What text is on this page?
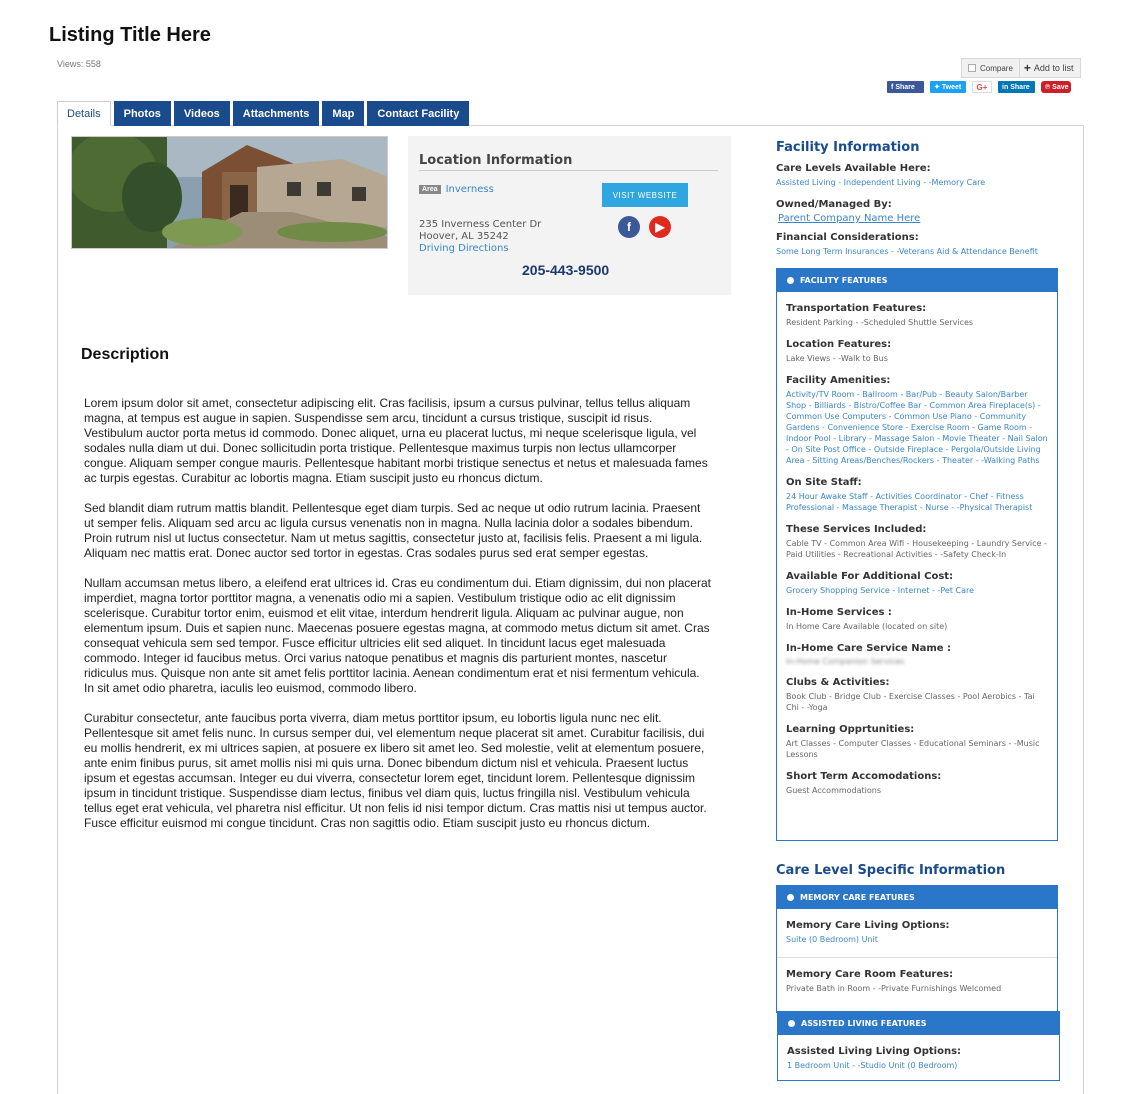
Listing Title Here
Views: 558	Compare + Add to list
f Share	✦ Tweet G+ in Share ℗ Save
Details	Photos	Videos	Attachments	Map	Contact Facility
Location Information
Area Inverness
235 Inverness Center Dr
Hoover, AL 35242
Driving Directions
VISIT WEBSITE
f	▶
205-443-9500
Description

Lorem ipsum dolor sit amet, consectetur adipiscing elit. Cras facilisis, ipsum a cursus pulvinar, tellus tellus aliquam magna, at tempus est augue in sapien. Suspendisse sem arcu, tincidunt a cursus tristique, suscipit id risus. Vestibulum auctor porta metus id commodo. Donec aliquet, urna eu placerat luctus, mi neque scelerisque ligula, vel sodales nulla diam ut dui. Donec sollicitudin porta tristique. Pellentesque maximus turpis non lectus ullamcorper congue. Aliquam semper congue mauris. Pellentesque habitant morbi tristique senectus et netus et malesuada fames ac turpis egestas. Curabitur ac lobortis magna. Etiam suscipit justo eu rhoncus dictum.

Sed blandit diam rutrum mattis blandit. Pellentesque eget diam turpis. Sed ac neque ut odio rutrum lacinia. Praesent ut semper felis. Aliquam sed arcu ac ligula cursus venenatis non in magna. Nulla lacinia dolor a sodales bibendum. Proin rutrum nisl ut luctus consectetur. Nam ut metus sagittis, consectetur justo at, facilisis felis. Praesent a mi ligula. Aliquam nec mattis erat. Donec auctor sed tortor in egestas. Cras sodales purus sed erat semper egestas.

Nullam accumsan metus libero, a eleifend erat ultrices id. Cras eu condimentum dui. Etiam dignissim, dui non placerat imperdiet, magna tortor porttitor magna, a venenatis odio mi a sapien. Vestibulum tristique odio ac elit dignissim scelerisque. Curabitur tortor enim, euismod et elit vitae, interdum hendrerit ligula. Aliquam ac pulvinar augue, non elementum ipsum. Duis et sapien nunc. Maecenas posuere egestas magna, at commodo metus dictum sit amet. Cras consequat vehicula sem sed tempor. Fusce efficitur ultricies elit sed aliquet. In tincidunt lacus eget malesuada commodo. Integer id faucibus metus. Orci varius natoque penatibus et magnis dis parturient montes, nascetur ridiculus mus. Quisque non ante sit amet felis porttitor lacinia. Aenean condimentum erat et nisi fermentum vehicula. In sit amet odio pharetra, iaculis leo euismod, commodo libero.

Curabitur consectetur, ante faucibus porta viverra, diam metus porttitor ipsum, eu lobortis ligula nunc nec elit. Pellentesque sit amet felis nunc. In cursus semper dui, vel elementum neque placerat sit amet. Curabitur facilisis, dui eu mollis hendrerit, ex mi ultrices sapien, at posuere ex libero sit amet leo. Sed molestie, velit at elementum posuere, ante enim finibus purus, sit amet mollis nisi mi quis urna. Donec bibendum dictum nisl et vehicula. Praesent luctus ipsum et egestas accumsan. Integer eu dui viverra, consectetur lorem eget, tincidunt lorem. Pellentesque dignissim ipsum in tincidunt tristique. Suspendisse diam lectus, finibus vel diam quis, luctus fringilla nisl. Vestibulum vehicula tellus eget erat vehicula, vel pharetra nisl efficitur. Ut non felis id nisi tempor dictum. Cras mattis nisi ut tempus auctor. Fusce efficitur euismod mi congue tincidunt. Cras non sagittis odio. Etiam suscipit justo eu rhoncus dictum.

Facility Information
Care Levels Available Here:
Assisted Living - Independent Living - -Memory Care
Owned/Managed By:
Parent Company Name Here
Financial Considerations:
Some Long Term Insurances - -Veterans Aid & Attendance Benefit
FACILITY FEATURES
Transportation Features:
Resident Parking - -Scheduled Shuttle Services
Location Features:
Lake Views - -Walk to Bus
Facility Amenities:
Activity/TV Room - Ballroom - Bar/Pub - Beauty Salon/Barber Shop - Billiards - Bistro/Coffee Bar - Common Area Fireplace(s) - Common Use Computers - Common Use Piano - Community Gardens - Convenience Store - Exercise Room - Game Room - Indoor Pool - Library - Massage Salon - Movie Theater - Nail Salon - On Site Post Office - Outside Fireplace - Pergola/Outside Living Area - Sitting Areas/Benches/Rockers - Theater - -Walking Paths
On Site Staff:
24 Hour Awake Staff - Activities Coordinator - Chef - Fitness Professional - Massage Therapist - Nurse - -Physical Therapist
These Services Included:
Cable TV - Common Area Wifi - Housekeeping - Laundry Service - Paid Utilities - Recreational Activities - -Safety Check-In
Available For Additional Cost:
Grocery Shopping Service - Internet - -Pet Care
In-Home Services :
In Home Care Available (located on site)
In-Home Care Service Name :
In-Home Companion Services
Clubs & Activities:
Book Club - Bridge Club - Exercise Classes - Pool Aerobics - Tai Chi - -Yoga
Learning Opprtunities:
Art Classes - Computer Classes - Educational Seminars - -Music Lessons
Short Term Accomodations:
Guest Accommodations
Care Level Specific Information
MEMORY CARE FEATURES
Memory Care Living Options:
Suite (0 Bedroom) Unit
Memory Care Room Features:
Private Bath in Room - -Private Furnishings Welcomed
ASSISTED LIVING FEATURES
Assisted Living Living Options:
1 Bedroom Unit - -Studio Unit (0 Bedroom)
